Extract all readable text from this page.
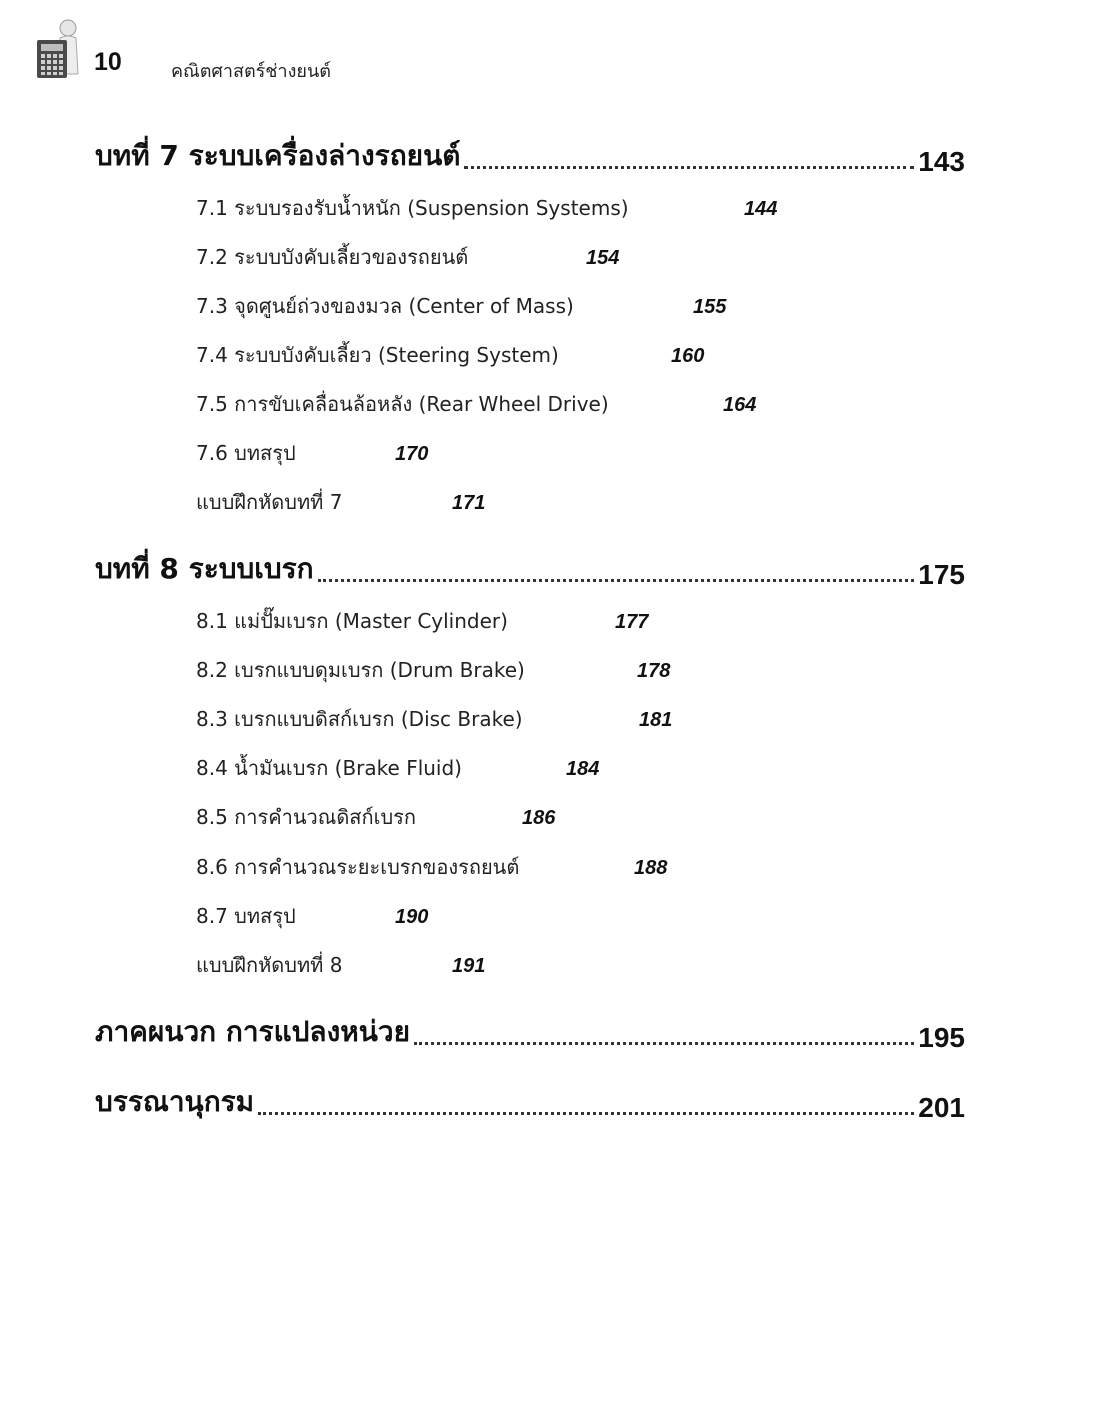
10	คณิตศาสตร์ช่างยนต์
บทที่ 7 ระบบเครื่องล่างรถยนต์	143
7.1 ระบบรองรับน้ำหนัก (Suspension Systems)	144
7.2 ระบบบังคับเลี้ยวของรถยนต์	154
7.3 จุดศูนย์ถ่วงของมวล (Center of Mass)	155
7.4 ระบบบังคับเลี้ยว (Steering System)	160
7.5 การขับเคลื่อนล้อหลัง (Rear Wheel Drive)	164
7.6 บทสรุป	170
แบบฝึกหัดบทที่ 7	171
บทที่ 8 ระบบเบรก	175
8.1 แม่ปั๊มเบรก (Master Cylinder)	177
8.2 เบรกแบบดุมเบรก (Drum Brake)	178
8.3 เบรกแบบดิสก์เบรก (Disc Brake)	181
8.4 น้ำมันเบรก (Brake Fluid)	184
8.5 การคำนวณดิสก์เบรก	186
8.6 การคำนวณระยะเบรกของรถยนต์	188
8.7 บทสรุป	190
แบบฝึกหัดบทที่ 8	191
ภาคผนวก การแปลงหน่วย	195
บรรณานุกรม	201
